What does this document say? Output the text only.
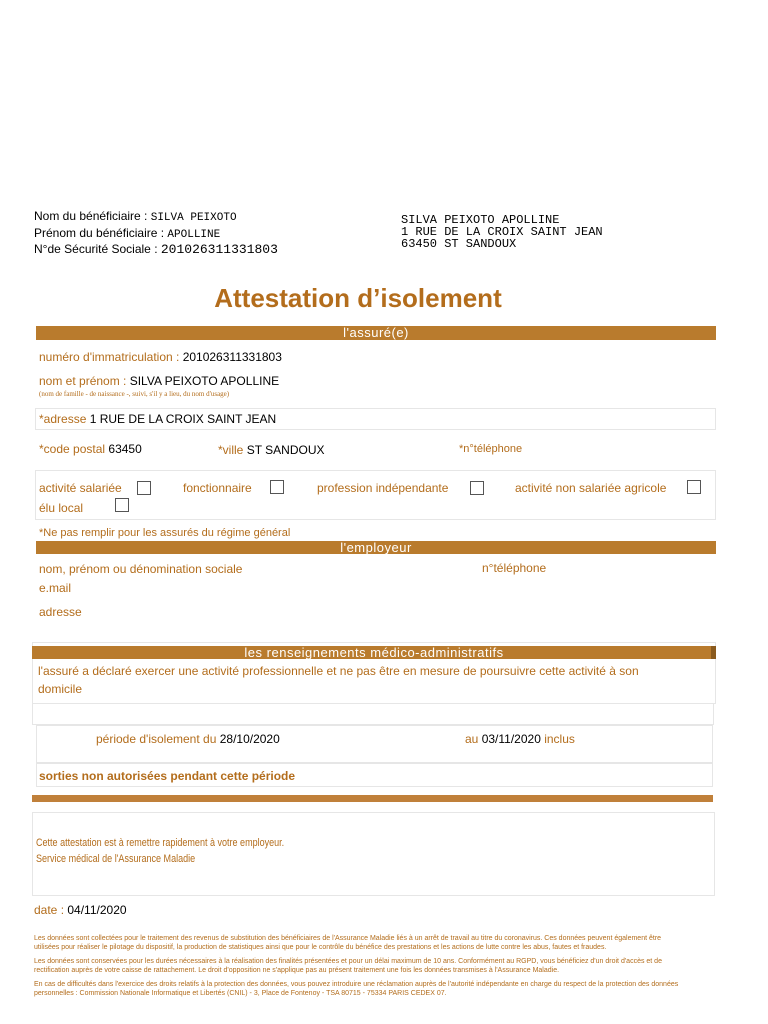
Nom du bénéficiaire : SILVA PEIXOTO
Prénom du bénéficiaire : APOLLINE
N°de Sécurité Sociale : 201026311331803
SILVA PEIXOTO APOLLINE
1 RUE DE LA CROIX SAINT JEAN
63450 ST SANDOUX
Attestation d’isolement
l'assuré(e)
numéro d'immatriculation : 201026311331803
nom et prénom : SILVA PEIXOTO APOLLINE
(nom de famille - de naissance -, suivi, s'il y a lieu, du nom d'usage)
*adresse 1 RUE DE LA CROIX SAINT JEAN
*code postal 63450	*ville ST SANDOUX	*n°téléphone
activité salariée	fonctionnaire	profession indépendante	activité non salariée agricole
élu local
*Ne pas remplir pour les assurés du régime général
l'employeur
nom, prénom ou dénomination sociale	n°téléphone
e.mail
adresse
les renseignements médico-administratifs
l'assuré a déclaré exercer une activité professionnelle et ne pas être en mesure de poursuivre cette activité à son
domicile
période d'isolement du 28/10/2020	au 03/11/2020 inclus
sorties non autorisées pendant cette période
Cette attestation est à remettre rapidement à votre employeur.
Service médical de l'Assurance Maladie
date : 04/11/2020
Les données sont collectées pour le traitement des revenus de substitution des bénéficiaires de l'Assurance Maladie liés à un arrêt de travail au titre du coronavirus. Ces données peuvent également être
utilisées pour réaliser le pilotage du dispositif, la production de statistiques ainsi que pour le contrôle du bénéfice des prestations et les actions de lutte contre les abus, fautes et fraudes.
Les données sont conservées pour les durées nécessaires à la réalisation des finalités présentées et pour un délai maximum de 10 ans. Conformément au RGPD, vous bénéficiez d'un droit d'accès et de
rectification auprès de votre caisse de rattachement. Le droit d'opposition ne s'applique pas au présent traitement une fois les données transmises à l'Assurance Maladie.
En cas de difficultés dans l'exercice des droits relatifs à la protection des données, vous pouvez introduire une réclamation auprès de l'autorité indépendante en charge du respect de la protection des données
personnelles : Commission Nationale Informatique et Libertés (CNIL) - 3, Place de Fontenoy - TSA 80715 - 75334 PARIS CEDEX 07.
